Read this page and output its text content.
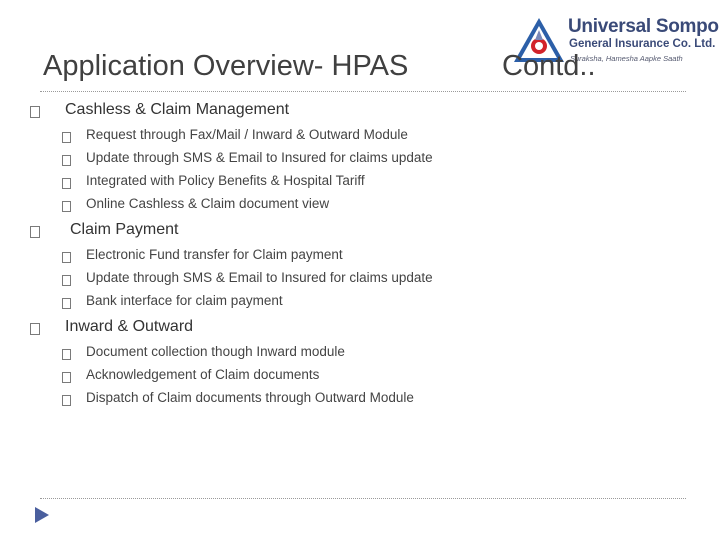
Universal Sompo
General Insurance Co. Ltd.
Suraksha, Hamesha Aapke Saath
Application Overview- HPAS	Contd..
Cashless & Claim Management
Request through Fax/Mail / Inward & Outward Module
Update through SMS & Email to Insured for claims update
Integrated with Policy Benefits & Hospital Tariff
Online Cashless & Claim document view
Claim Payment
Electronic Fund transfer for Claim payment
Update through SMS & Email to Insured for claims update
Bank interface for claim payment
Inward & Outward
Document collection though Inward module
Acknowledgement of Claim documents
Dispatch of Claim documents through Outward Module
